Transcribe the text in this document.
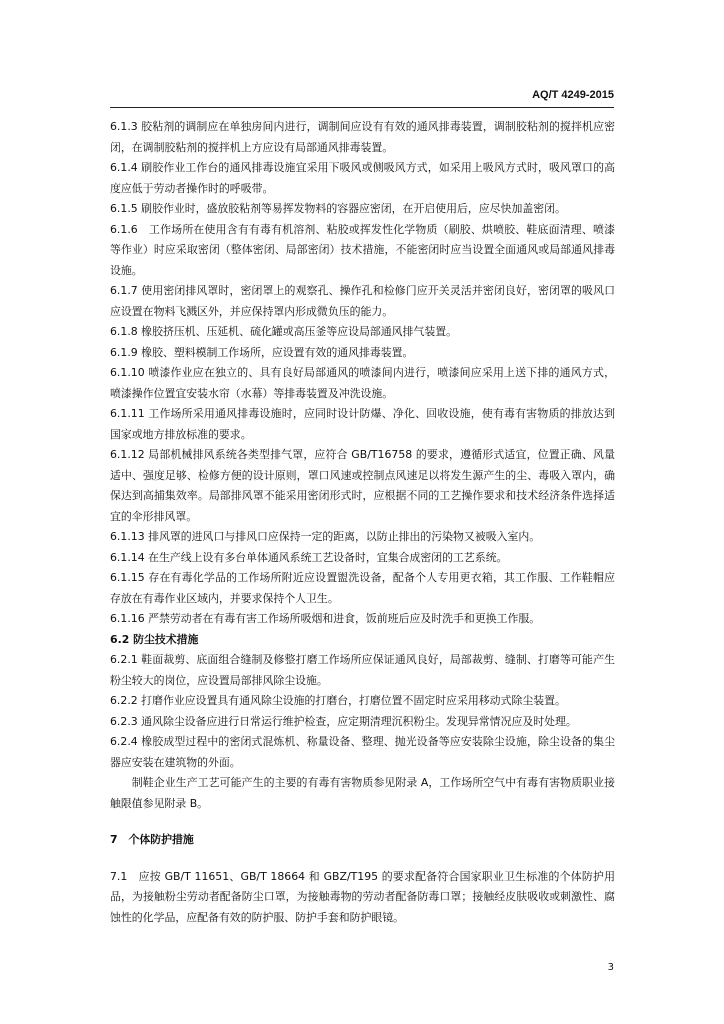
AQ/T 4249-2015

6.1.3 胶粘剂的调制应在单独房间内进行，调制间应设有有效的通风排毒装置，调制胶粘剂的搅拌机应密闭，在调制胶粘剂的搅拌机上方应设有局部通风排毒装置。

6.1.4 刷胶作业工作台的通风排毒设施宜采用下吸风或侧吸风方式，如采用上吸风方式时，吸风罩口的高度应低于劳动者操作时的呼吸带。

6.1.5 刷胶作业时，盛放胶粘剂等易挥发物料的容器应密闭，在开启使用后，应尽快加盖密闭。

6.1.6　工作场所在使用含有有毒有机溶剂、粘胶或挥发性化学物质（刷胶、烘喷胶、鞋底面清理、喷漆等作业）时应采取密闭（整体密闭、局部密闭）技术措施，不能密闭时应当设置全面通风或局部通风排毒设施。

6.1.7 使用密闭排风罩时，密闭罩上的观察孔、操作孔和检修门应开关灵活并密闭良好，密闭罩的吸风口应设置在物料飞溅区外，并应保持罩内形成微负压的能力。

6.1.8 橡胶挤压机、压延机、硫化罐或高压釜等应设局部通风排气装置。

6.1.9 橡胶、塑料模制工作场所，应设置有效的通风排毒装置。

6.1.10 喷漆作业应在独立的、具有良好局部通风的喷漆间内进行，喷漆间应采用上送下排的通风方式，喷漆操作位置宜安装水帘（水幕）等排毒装置及冲洗设施。

6.1.11 工作场所采用通风排毒设施时，应同时设计防爆、净化、回收设施，使有毒有害物质的排放达到国家或地方排放标准的要求。

6.1.12 局部机械排风系统各类型排气罩，应符合 GB/T16758 的要求，遵循形式适宜，位置正确、风量适中、强度足够、检修方便的设计原则，罩口风速或控制点风速足以将发生源产生的尘、毒吸入罩内，确保达到高捕集效率。局部排风罩不能采用密闭形式时，应根据不同的工艺操作要求和技术经济条件选择适宜的伞形排风罩。

6.1.13 排风罩的进风口与排风口应保持一定的距离，以防止排出的污染物又被吸入室内。

6.1.14 在生产线上设有多台单体通风系统工艺设备时，宜集合成密闭的工艺系统。

6.1.15 存在有毒化学品的工作场所附近应设置盥洗设备，配备个人专用更衣箱，其工作服、工作鞋帽应存放在有毒作业区域内，并要求保持个人卫生。

6.1.16 严禁劳动者在有毒有害工作场所吸烟和进食，饭前班后应及时洗手和更换工作服。

6.2 防尘技术措施

6.2.1 鞋面裁剪、底面组合缝制及修整打磨工作场所应保证通风良好，局部裁剪、缝制、打磨等可能产生粉尘较大的岗位，应设置局部排风除尘设施。

6.2.2 打磨作业应设置具有通风除尘设施的打磨台，打磨位置不固定时应采用移动式除尘装置。

6.2.3 通风除尘设备应进行日常运行维护检查，应定期清理沉积粉尘。发现异常情况应及时处理。

6.2.4 橡胶成型过程中的密闭式混炼机、称量设备、整理、抛光设备等应安装除尘设施，除尘设备的集尘器应安装在建筑物的外面。

制鞋企业生产工艺可能产生的主要的有毒有害物质参见附录 A，工作场所空气中有毒有害物质职业接触限值参见附录 B。

7　个体防护措施

7.1　应按 GB/T 11651、GB/T 18664 和 GBZ/T195 的要求配备符合国家职业卫生标准的个体防护用品，为接触粉尘劳动者配备防尘口罩，为接触毒物的劳动者配备防毒口罩；接触经皮肤吸收或刺激性、腐蚀性的化学品，应配备有效的防护服、防护手套和防护眼镜。

3
